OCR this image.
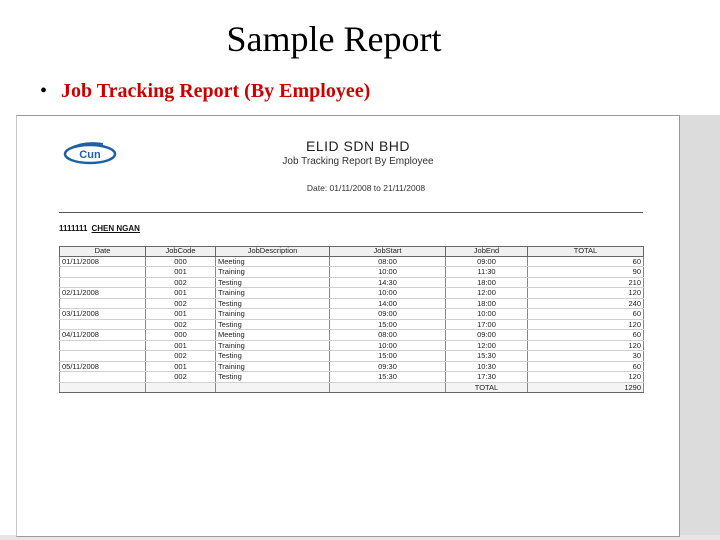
Sample Report
• Job Tracking Report (By Employee)
Cun
ELID SDN BHD
Job Tracking Report By Employee
Date: 01/11/2008 to 21/11/2008
1111111 CHEN NGAN
Date	JobCode	JobDescription	JobStart	JobEnd	TOTAL
01/11/2008	000	Meeting	08:00	09:00	60
	001	Training	10:00	11:30	90
	002	Testing	14:30	18:00	210
02/11/2008	001	Training	10:00	12:00	120
	002	Testing	14:00	18:00	240
03/11/2008	001	Training	09:00	10:00	60
	002	Testing	15:00	17:00	120
04/11/2008	000	Meeting	08:00	09:00	60
	001	Training	10:00	12:00	120
	002	Testing	15:00	15:30	30
05/11/2008	001	Training	09:30	10:30	60
	002	Testing	15:30	17:30	120
				TOTAL	1290
